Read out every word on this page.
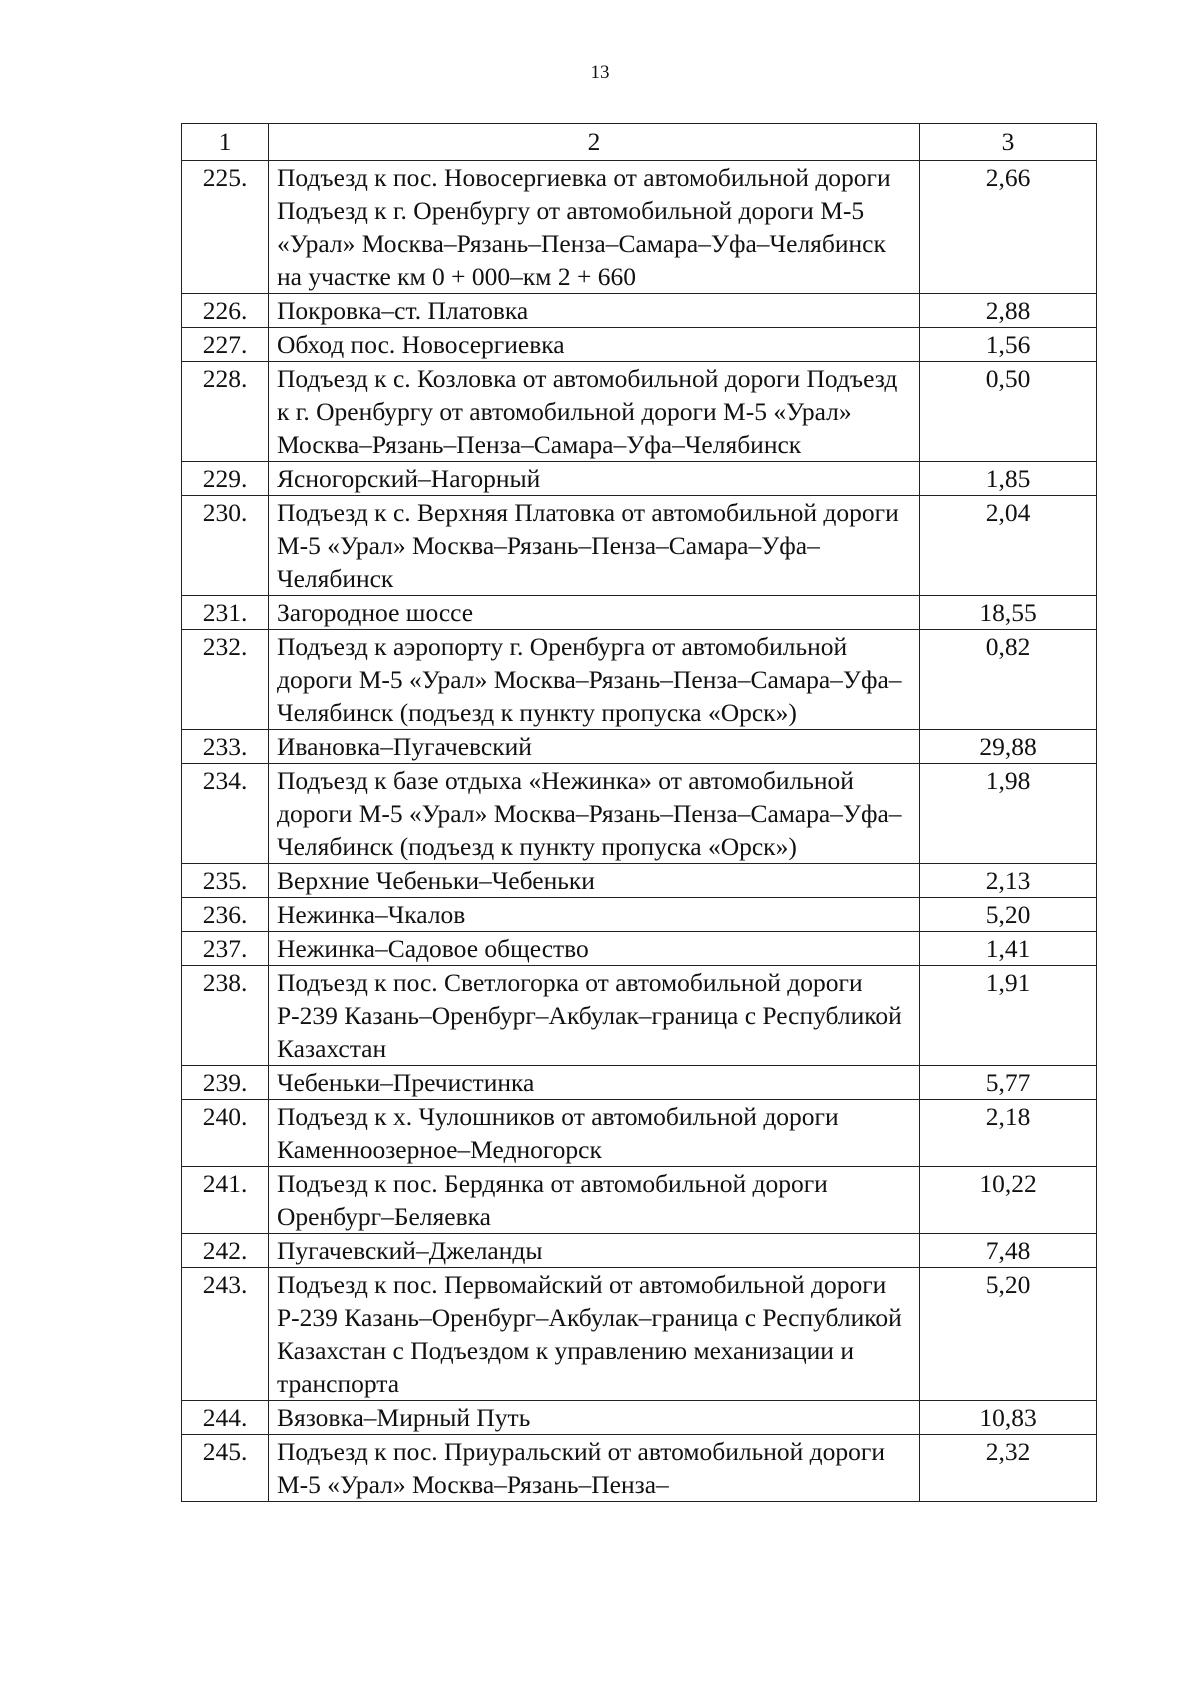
13
1	2	3
225.	Подъезд к пос. Новосергиевка от автомобильной дороги Подъезд к г. Оренбургу от автомобильной дороги М-5 «Урал» Москва–Рязань–Пенза–Самара–Уфа–Челябинск на участке км 0 + 000–км 2 + 660	2,66
226.	Покровка–ст. Платовка	2,88
227.	Обход пос. Новосергиевка	1,56
228.	Подъезд к с. Козловка от автомобильной дороги Подъезд к г. Оренбургу от автомобильной дороги М-5 «Урал» Москва–Рязань–Пенза–Самара–Уфа–Челябинск	0,50
229.	Ясногорский–Нагорный	1,85
230.	Подъезд к с. Верхняя Платовка от автомобильной дороги М-5 «Урал» Москва–Рязань–Пенза–Самара–Уфа–Челябинск	2,04
231.	Загородное шоссе	18,55
232.	Подъезд к аэропорту г. Оренбурга от автомобильной дороги М-5 «Урал» Москва–Рязань–Пенза–Самара–Уфа–Челябинск (подъезд к пункту пропуска «Орск»)	0,82
233.	Ивановка–Пугачевский	29,88
234.	Подъезд к базе отдыха «Нежинка» от автомобильной дороги М-5 «Урал» Москва–Рязань–Пенза–Самара–Уфа–Челябинск (подъезд к пункту пропуска «Орск»)	1,98
235.	Верхние Чебеньки–Чебеньки	2,13
236.	Нежинка–Чкалов	5,20
237.	Нежинка–Садовое общество	1,41
238.	Подъезд к пос. Светлогорка от автомобильной дороги Р-239 Казань–Оренбург–Акбулак–граница с Республикой Казахстан	1,91
239.	Чебеньки–Пречистинка	5,77
240.	Подъезд к х. Чулошников от автомобильной дороги Каменноозерное–Медногорск	2,18
241.	Подъезд к пос. Бердянка от автомобильной дороги Оренбург–Беляевка	10,22
242.	Пугачевский–Джеланды	7,48
243.	Подъезд к пос. Первомайский от автомобильной дороги Р-239 Казань–Оренбург–Акбулак–граница с Республикой Казахстан с Подъездом к управлению механизации и транспорта	5,20
244.	Вязовка–Мирный Путь	10,83
245.	Подъезд к пос. Приуральский от автомобильной дороги М-5 «Урал» Москва–Рязань–Пенза–	2,32
